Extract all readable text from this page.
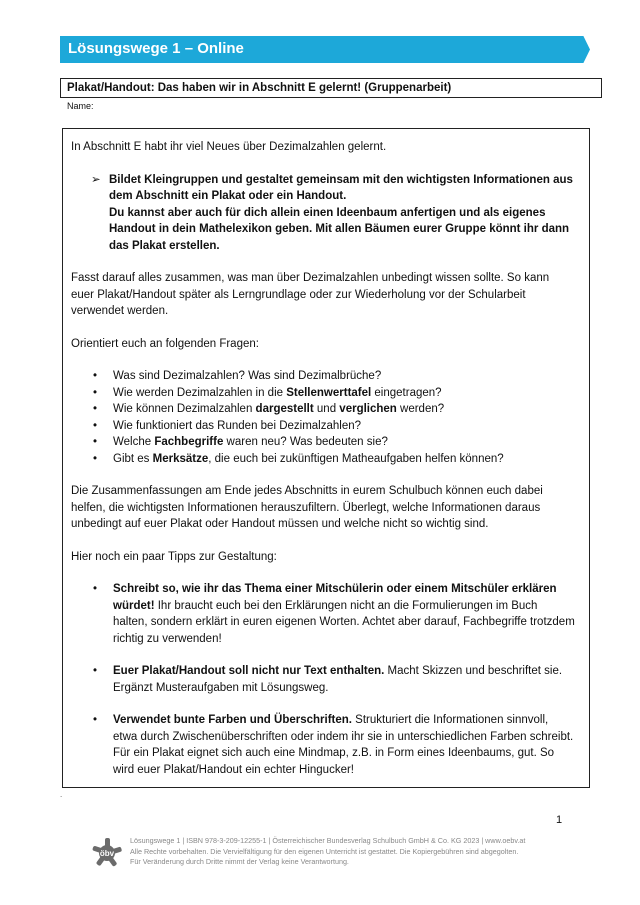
Lösungswege 1 – Online
Plakat/Handout: Das haben wir in Abschnitt E gelernt! (Gruppenarbeit)
Name:

In Abschnitt E habt ihr viel Neues über Dezimalzahlen gelernt.

➢ Bildet Kleingruppen und gestaltet gemeinsam mit den wichtigsten Informationen aus dem Abschnitt ein Plakat oder ein Handout.
Du kannst aber auch für dich allein einen Ideenbaum anfertigen und als eigenes Handout in dein Mathelexikon geben. Mit allen Bäumen eurer Gruppe könnt ihr dann das Plakat erstellen.

Fasst darauf alles zusammen, was man über Dezimalzahlen unbedingt wissen sollte. So kann euer Plakat/Handout später als Lerngrundlage oder zur Wiederholung vor der Schularbeit verwendet werden.

Orientiert euch an folgenden Fragen:

•	Was sind Dezimalzahlen? Was sind Dezimalbrüche?
•	Wie werden Dezimalzahlen in die Stellenwerttafel eingetragen?
•	Wie können Dezimalzahlen dargestellt und verglichen werden?
•	Wie funktioniert das Runden bei Dezimalzahlen?
•	Welche Fachbegriffe waren neu? Was bedeuten sie?
•	Gibt es Merksätze, die euch bei zukünftigen Matheaufgaben helfen können?

Die Zusammenfassungen am Ende jedes Abschnitts in eurem Schulbuch können euch dabei helfen, die wichtigsten Informationen herauszufiltern. Überlegt, welche Informationen daraus unbedingt auf euer Plakat oder Handout müssen und welche nicht so wichtig sind.

Hier noch ein paar Tipps zur Gestaltung:

•	Schreibt so, wie ihr das Thema einer Mitschülerin oder einem Mitschüler erklären würdet! Ihr braucht euch bei den Erklärungen nicht an die Formulierungen im Buch halten, sondern erklärt in euren eigenen Worten. Achtet aber darauf, Fachbegriffe trotzdem richtig zu verwenden!
•	Euer Plakat/Handout soll nicht nur Text enthalten. Macht Skizzen und beschriftet sie. Ergänzt Musteraufgaben mit Lösungsweg.
•	Verwendet bunte Farben und Überschriften. Strukturiert die Informationen sinnvoll, etwa durch Zwischenüberschriften oder indem ihr sie in unterschiedlichen Farben schreibt. Für ein Plakat eignet sich auch eine Mindmap, z.B. in Form eines Ideenbaums, gut. So wird euer Plakat/Handout ein echter Hingucker!
.
1
öbv
Lösungswege 1 | ISBN 978-3-209-12255-1 | Österreichischer Bundesverlag Schulbuch GmbH & Co. KG 2023 | www.oebv.at
Alle Rechte vorbehalten. Die Vervielfältigung für den eigenen Unterricht ist gestattet. Die Kopiergebühren sind abgegolten.
Für Veränderung durch Dritte nimmt der Verlag keine Verantwortung.
